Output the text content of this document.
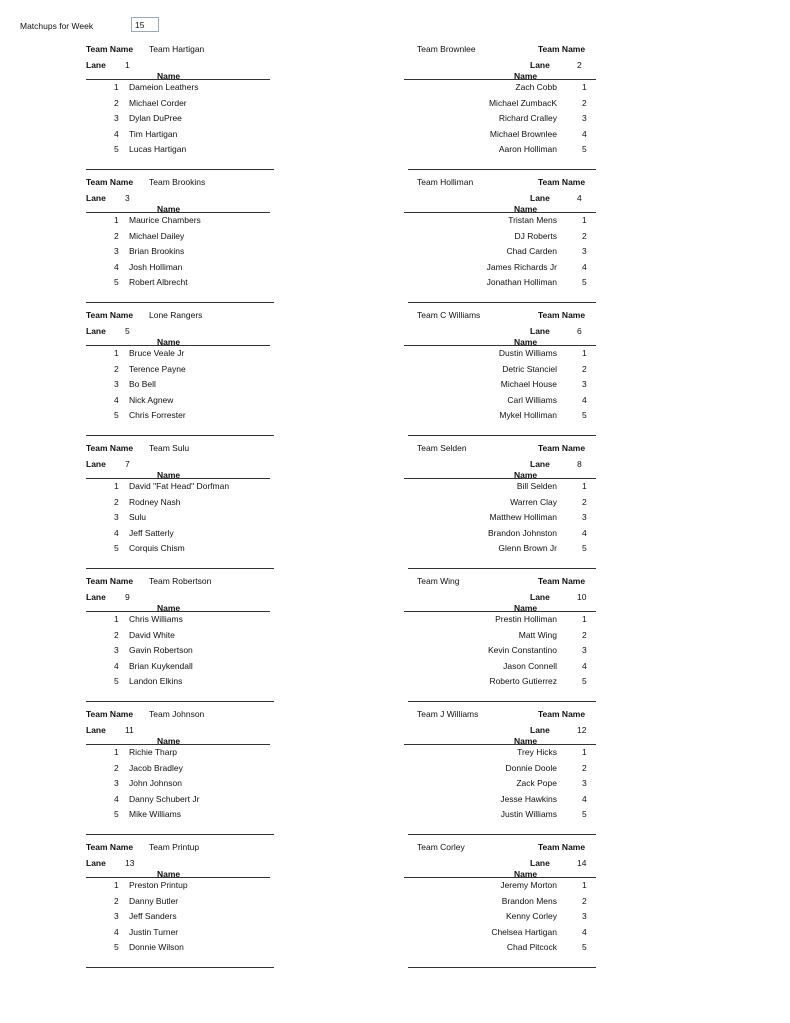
Matchups for Week	15
Team Name Team Hartigan
Lane 1
Name
1 Dameion Leathers
2 Michael Corder
3 Dylan DuPree
4 Tim Hartigan
5 Lucas Hartigan
Team Brownlee	Team Name
Lane	2
Name
Zach Cobb	1
Michael ZumbacK	2
Richard Cralley	3
Michael Brownlee	4
Aaron Holliman	5
Team Name Team Brookins
Lane 3
Name
1 Maurice Chambers
2 Michael Dailey
3 Brian Brookins
4 Josh Holliman
5 Robert Albrecht
Team Holliman	Team Name
Lane	4
Name
Tristan Mens	1
DJ Roberts	2
Chad Carden	3
James Richards Jr	4
Jonathan Holliman	5
Team Name Lone Rangers
Lane 5
Name
1 Bruce Veale Jr
2 Terence Payne
3 Bo Bell
4 Nick Agnew
5 Chris Forrester
Team C Williams	Team Name
Lane	6
Name
Dustin Williams	1
Detric Stanciel	2
Michael House	3
Carl Williams	4
Mykel Holliman	5
Team Name Team Sulu
Lane 7
Name
1 David "Fat Head" Dorfman
2 Rodney Nash
3 Sulu
4 Jeff Satterly
5 Corquis Chism
Team Selden	Team Name
Lane	8
Name
Bill Selden	1
Warren Clay	2
Matthew Holliman	3
Brandon Johnston	4
Glenn Brown Jr	5
Team Name Team Robertson
Lane 9
Name
1 Chris Williams
2 David White
3 Gavin Robertson
4 Brian Kuykendall
5 Landon Elkins
Team Wing	Team Name
Lane	10
Name
Prestin Holliman	1
Matt Wing	2
Kevin Constantino	3
Jason Connell	4
Roberto Gutierrez	5
Team Name Team Johnson
Lane 11
Name
1 Richie Tharp
2 Jacob Bradley
3 John Johnson
4 Danny Schubert Jr
5 Mike Williams
Team J Williams	Team Name
Lane	12
Name
Trey Hicks	1
Donnie Doole	2
Zack Pope	3
Jesse Hawkins	4
Justin Williams	5
Team Name Team Printup
Lane 13
Name
1 Preston Printup
2 Danny Butler
3 Jeff Sanders
4 Justin Turner
5 Donnie Wilson
Team Corley	Team Name
Lane	14
Name
Jeremy Morton	1
Brandon Mens	2
Kenny Corley	3
Chelsea Hartigan	4
Chad Pitcock	5
